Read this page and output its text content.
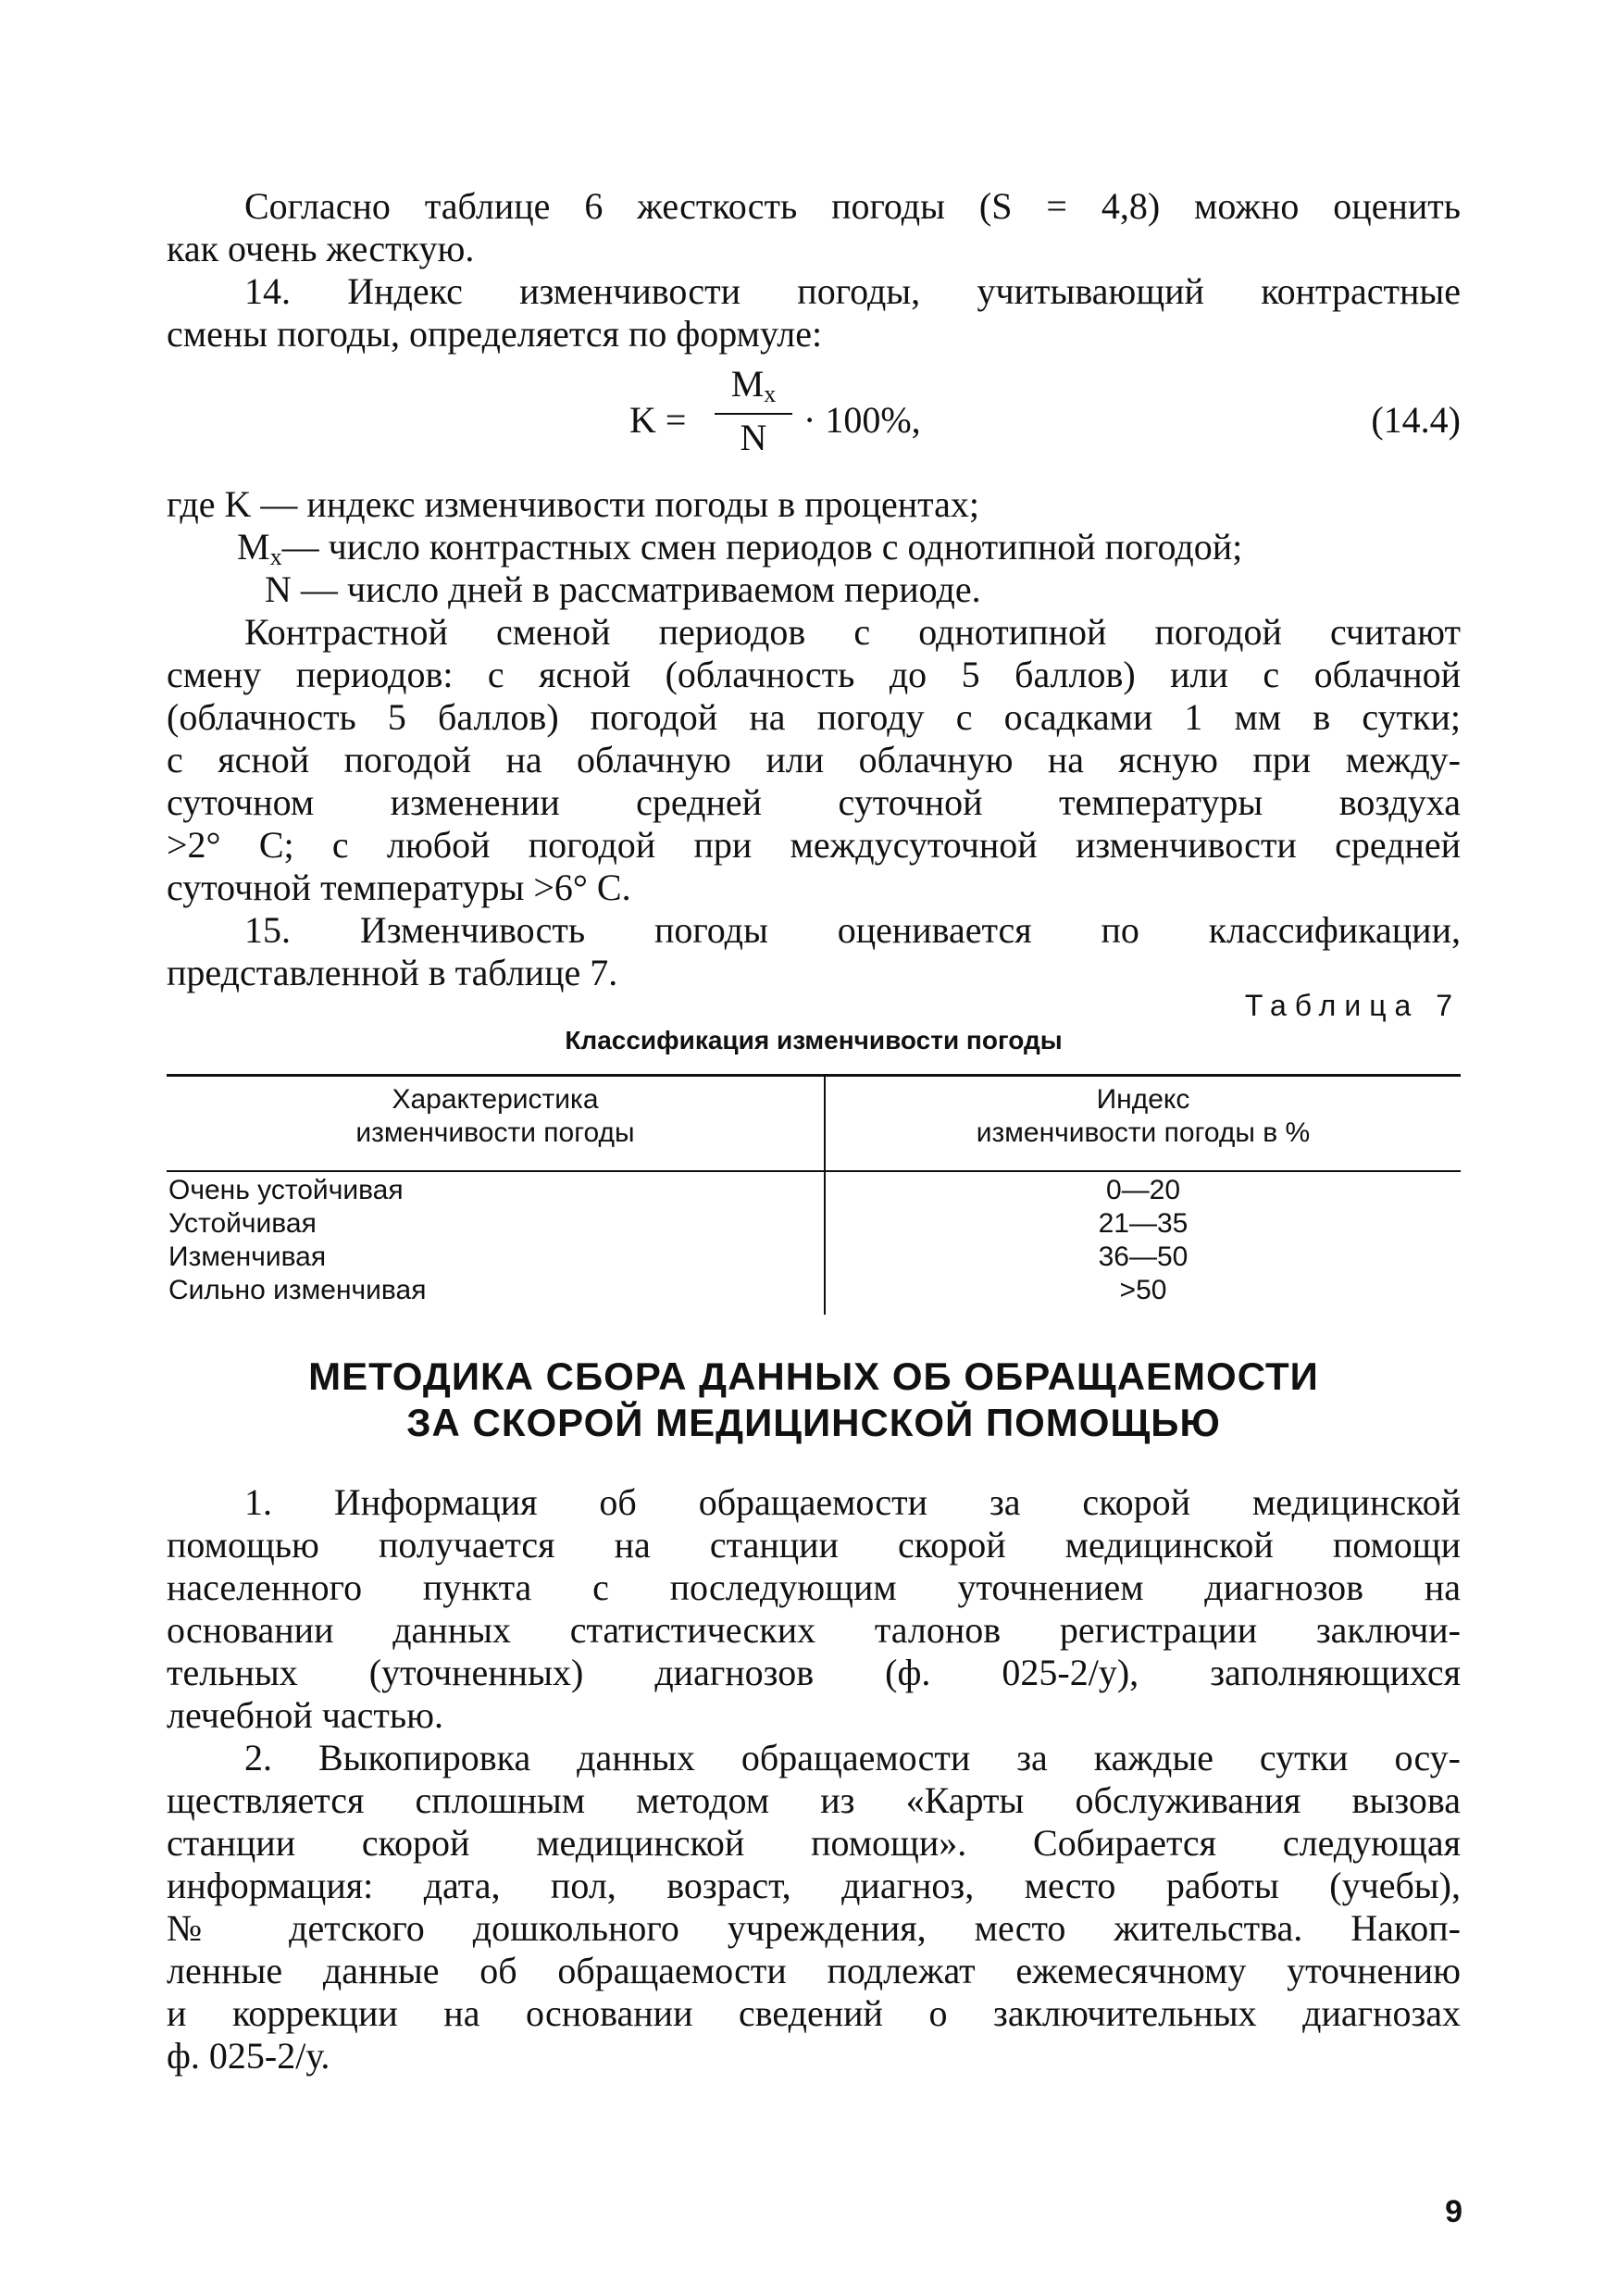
Согласно таблице 6 жесткость погоды (S = 4,8) можно оценить
как очень жесткую.
14. Индекс изменчивости погоды, учитывающий контрастные
смены погоды, определяется по формуле:
K =
$M_x$
N · 100%,	(14.4)
где K — индекс изменчивости погоды в процентах;
$M_x—$ число контрастных смен периодов с однотипной погодой;
N — число дней в рассматриваемом периоде.
Контрастной сменой периодов с однотипной погодой считают
смену периодов: с ясной (облачность до 5 баллов) или с облачной
(облачность 5 баллов) погодой на погоду с осадками 1 мм в сутки;
с ясной погодой на облачную или облачную на ясную при между-
суточном изменении средней суточной температуры воздуха
>2° C; с любой погодой при междусуточной изменчивости средней
суточной температуры >6° C.
15. Изменчивость погоды оценивается по классификации,
представленной в таблице 7.
Таблица 7
Классификация изменчивости погоды
Характеристика
изменчивости погоды
Индекс
изменчивости погоды в %
Очень устойчивая	0—20
Устойчивая	21—35
Изменчивая	36—50
Сильно изменчивая	>50
МЕТОДИКА СБОРА ДАННЫХ ОБ ОБРАЩАЕМОСТИ
ЗА СКОРОЙ МЕДИЦИНСКОЙ ПОМОЩЬЮ
1. Информация об обращаемости за скорой медицинской
помощью получается на станции скорой медицинской помощи
населенного пункта с последующим уточнением диагнозов на
основании данных статистических талонов регистрации заключи-
тельных (уточненных) диагнозов (ф. 025-2/у), заполняющихся
лечебной частью.
2. Выкопировка данных обращаемости за каждые сутки осу-
ществляется сплошным методом из «Карты обслуживания вызова
станции скорой медицинской помощи». Собирается следующая
информация: дата, пол, возраст, диагноз, место работы (учебы),
№ детского дошкольного учреждения, место жительства. Накоп-
ленные данные об обращаемости подлежат ежемесячному уточнению
и коррекции на основании сведений о заключительных диагнозах
ф. 025-2/у.
9
